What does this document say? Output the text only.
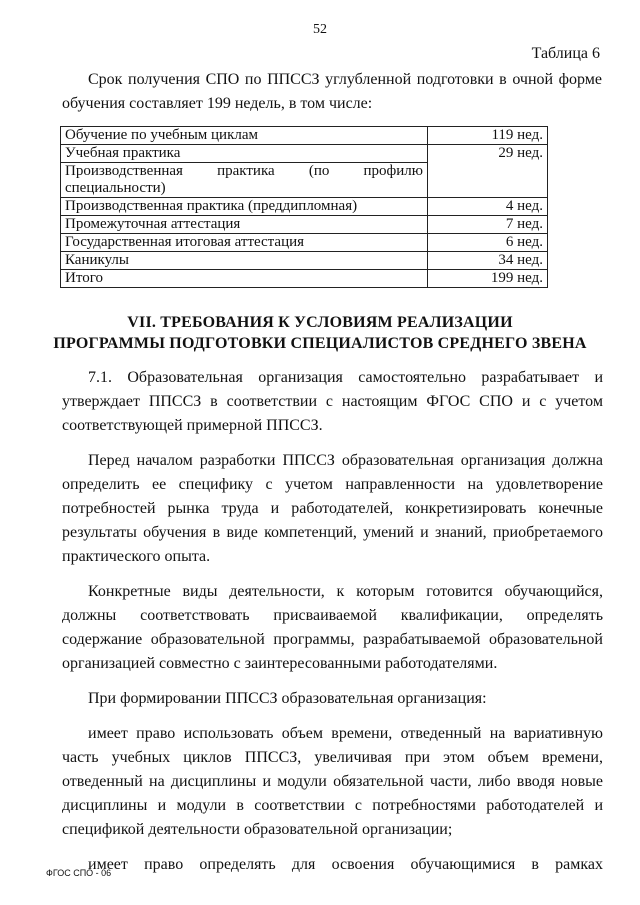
52
Таблица 6

Срок получения СПО по ППССЗ углубленной подготовки в очной форме обучения составляет 199 недель, в том числе:

Обучение по учебным циклам	119 нед.
Учебная практика	29 нед.
Производственная практика (по профилю специальности)	
Производственная практика (преддипломная)	4 нед.
Промежуточная аттестация	7 нед.
Государственная итоговая аттестация	6 нед.
Каникулы	34 нед.
Итого	199 нед.
VII. ТРЕБОВАНИЯ К УСЛОВИЯМ РЕАЛИЗАЦИИ
ПРОГРАММЫ ПОДГОТОВКИ СПЕЦИАЛИСТОВ СРЕДНЕГО ЗВЕНА

7.1. Образовательная организация самостоятельно разрабатывает и утверждает ППССЗ в соответствии с настоящим ФГОС СПО и с учетом соответствующей примерной ППССЗ.

Перед началом разработки ППССЗ образовательная организация должна определить ее специфику с учетом направленности на удовлетворение потребностей рынка труда и работодателей, конкретизировать конечные результаты обучения в виде компетенций, умений и знаний, приобретаемого практического опыта.

Конкретные виды деятельности, к которым готовится обучающийся, должны соответствовать присваиваемой квалификации, определять содержание образовательной программы, разрабатываемой образовательной организацией совместно с заинтересованными работодателями.

При формировании ППССЗ образовательная организация:

имеет право использовать объем времени, отведенный на вариативную часть учебных циклов ППССЗ, увеличивая при этом объем времени, отведенный на дисциплины и модули обязательной части, либо вводя новые дисциплины и модули в соответствии с потребностями работодателей и спецификой деятельности образовательной организации;

имеет право определять для освоения обучающимися в рамках

ФГОС СПО - 06
